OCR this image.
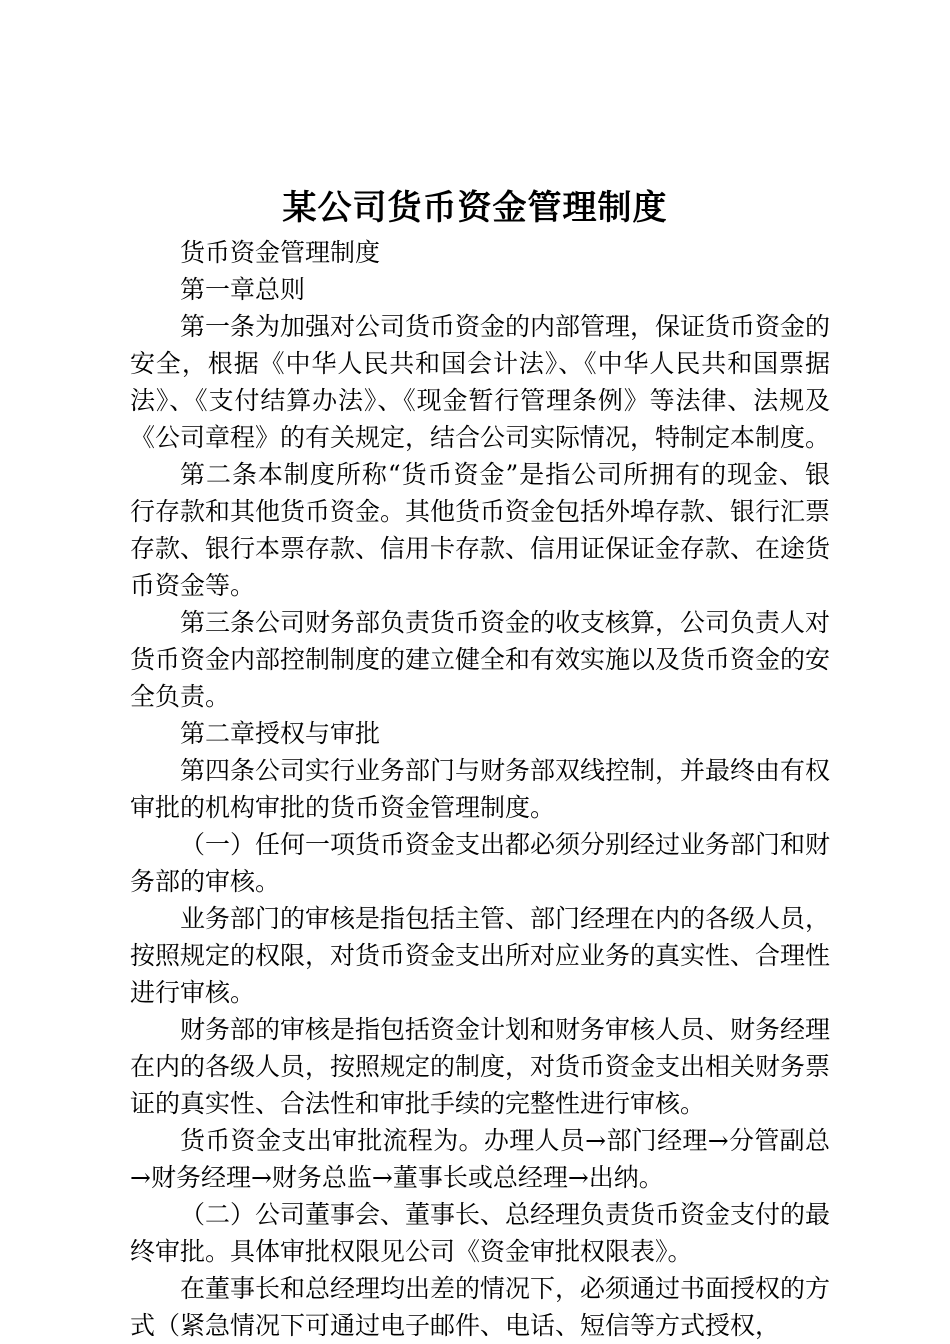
某公司货币资金管理制度

货币资金管理制度

第一章总则

第一条为加强对公司货币资金的内部管理，保证货币资金的安全，根据《中华人民共和国会计法》、《中华人民共和国票据法》、《支付结算办法》、《现金暂行管理条例》等法律、法规及《公司章程》的有关规定，结合公司实际情况，特制定本制度。

第二条本制度所称“货币资金”是指公司所拥有的现金、银行存款和其他货币资金。其他货币资金包括外埠存款、银行汇票存款、银行本票存款、信用卡存款、信用证保证金存款、在途货币资金等。

第三条公司财务部负责货币资金的收支核算，公司负责人对货币资金内部控制制度的建立健全和有效实施以及货币资金的安全负责。

第二章授权与审批

第四条公司实行业务部门与财务部双线控制，并最终由有权审批的机构审批的货币资金管理制度。

（一）任何一项货币资金支出都必须分别经过业务部门和财务部的审核。

业务部门的审核是指包括主管、部门经理在内的各级人员，按照规定的权限，对货币资金支出所对应业务的真实性、合理性进行审核。

财务部的审核是指包括资金计划和财务审核人员、财务经理在内的各级人员，按照规定的制度，对货币资金支出相关财务票证的真实性、合法性和审批手续的完整性进行审核。

货币资金支出审批流程为。办理人员→部门经理→分管副总→财务经理→财务总监→董事长或总经理→出纳。

（二）公司董事会、董事长、总经理负责货币资金支付的最终审批。具体审批权限见公司《资金审批权限表》。

在董事长和总经理均出差的情况下，必须通过书面授权的方式（紧急情况下可通过电子邮件、电话、短信等方式授权，
